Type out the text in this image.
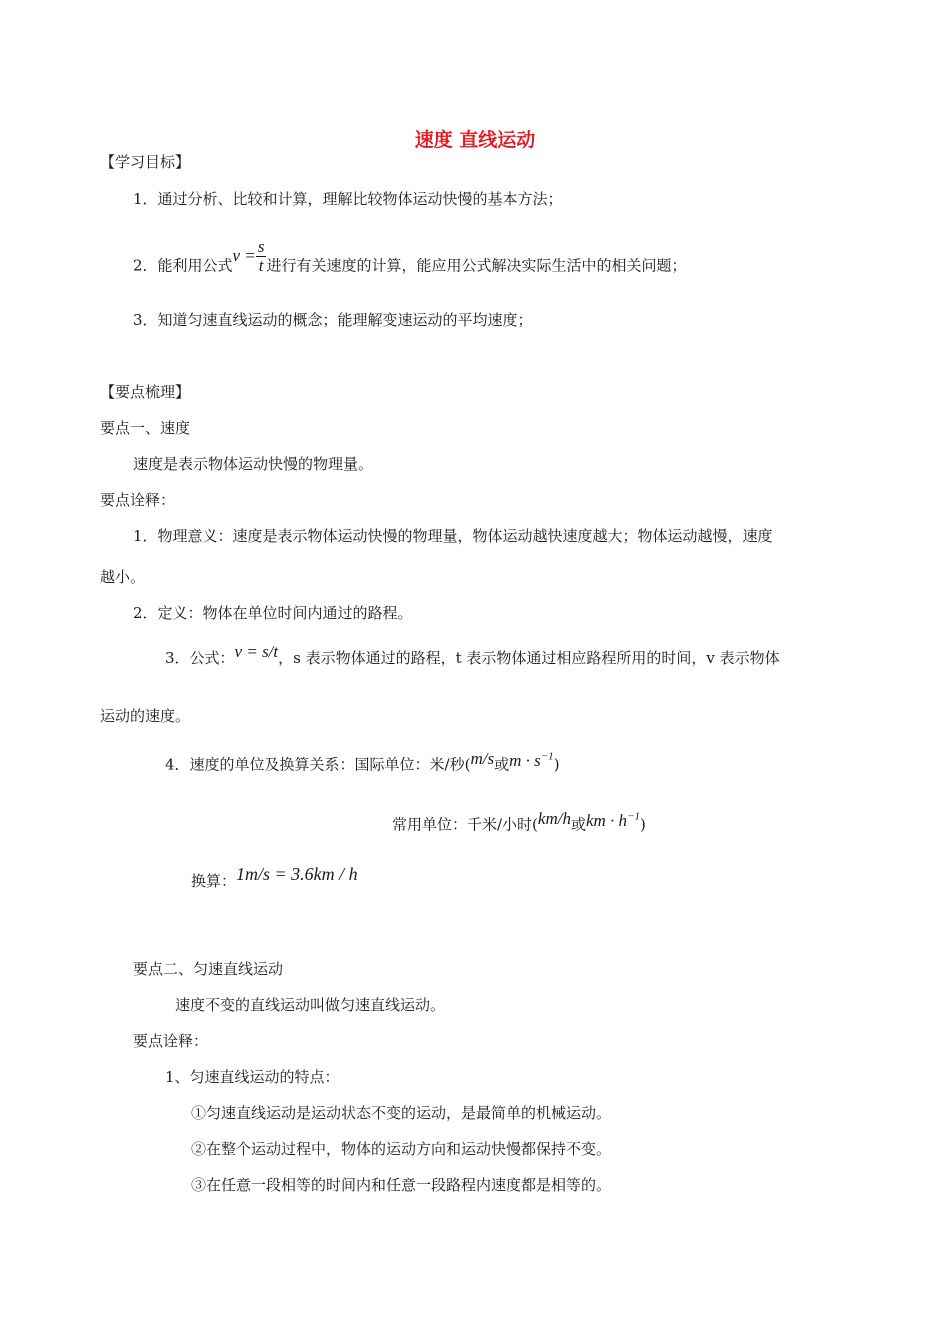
速度 直线运动
【学习目标】
1．通过分析、比较和计算，理解比较物体运动快慢的基本方法；
2．能利用公式$v = \frac{s}{t}$ 进行有关速度的计算，能应用公式解决实际生活中的相关问题；
3．知道匀速直线运动的概念；能理解变速运动的平均速度；
【要点梳理】
要点一、速度
速度是表示物体运动快慢的物理量。
要点诠释：
1．物理意义：速度是表示物体运动快慢的物理量，物体运动越快速度越大；物体运动越慢，速度
越小。
2．定义：物体在单位时间内通过的路程。
3．公式：v = s/t，s 表示物体通过的路程，t 表示物体通过相应路程所用的时间，v 表示物体
运动的速度。
4．速度的单位及换算关系：国际单位：米/秒(m/s或$m \cdot s^{-1}$)
常用单位：千米/小时(km/h或km · $h^{-1}$)
换算：1m/s = 3.6km / h
要点二、匀速直线运动
速度不变的直线运动叫做匀速直线运动。
要点诠释：
1、匀速直线运动的特点：
①匀速直线运动是运动状态不变的运动，是最简单的机械运动。
②在整个运动过程中，物体的运动方向和运动快慢都保持不变。
③在任意一段相等的时间内和任意一段路程内速度都是相等的。
